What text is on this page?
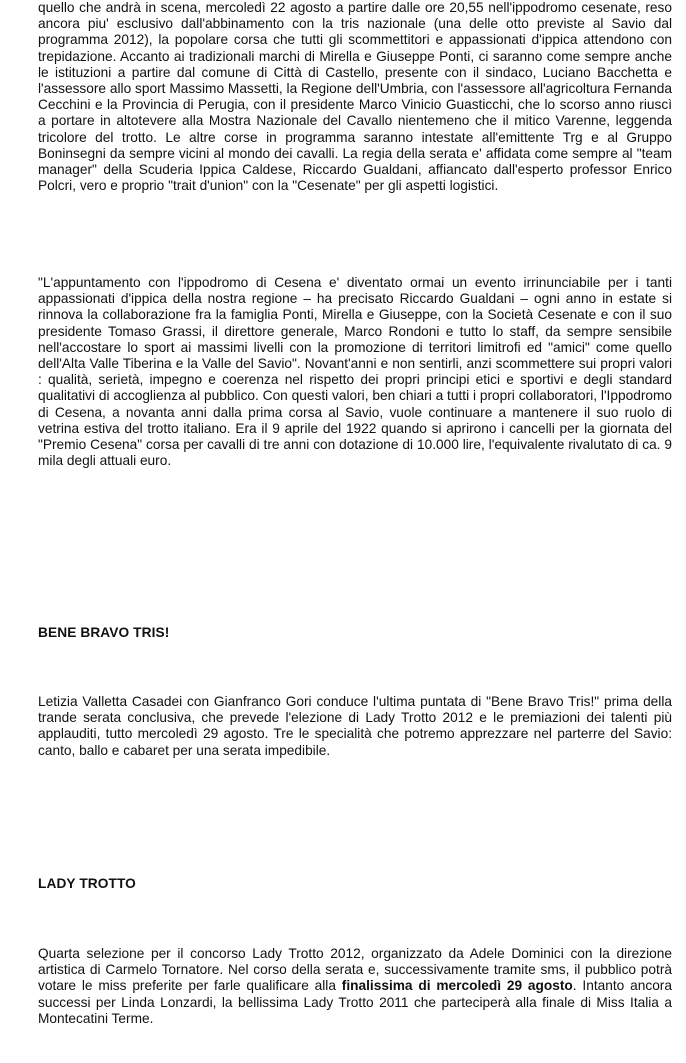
quello che andrà in scena, mercoledì 22 agosto a partire dalle ore 20,55 nell'ippodromo cesenate, reso ancora piu' esclusivo dall'abbinamento con la tris nazionale (una delle otto previste al Savio dal programma 2012), la popolare corsa che tutti gli scommettitori e appassionati d'ippica attendono con trepidazione. Accanto ai tradizionali marchi di Mirella e Giuseppe Ponti, ci saranno come sempre anche le istituzioni a partire dal comune di Città di Castello, presente con il sindaco, Luciano Bacchetta e l'assessore allo sport Massimo Massetti, la Regione dell'Umbria, con l'assessore all'agricoltura Fernanda Cecchini e la Provincia di Perugia, con il presidente Marco Vinicio Guasticchi, che lo scorso anno riuscì a portare in altotevere alla Mostra Nazionale del Cavallo nientemeno che il mitico Varenne, leggenda tricolore del trotto. Le altre corse in programma saranno intestate all'emittente Trg e al Gruppo Boninsegni da sempre vicini al mondo dei cavalli. La regia della serata e' affidata come sempre al "team manager" della Scuderia Ippica Caldese, Riccardo Gualdani, affiancato dall'esperto professor Enrico Polcri, vero e proprio "trait d'union" con la "Cesenate" per gli aspetti logistici.

"L'appuntamento con l'ippodromo di Cesena e' diventato ormai un evento irrinunciabile per i tanti appassionati d'ippica della nostra regione – ha precisato Riccardo Gualdani – ogni anno in estate si rinnova la collaborazione fra la famiglia Ponti, Mirella e Giuseppe, con la Società Cesenate e con il suo presidente Tomaso Grassi, il direttore generale, Marco Rondoni e tutto lo staff, da sempre sensibile nell'accostare lo sport ai massimi livelli con la promozione di territori limitrofi ed "amici" come quello dell'Alta Valle Tiberina e la Valle del Savio". Novant'anni e non sentirli, anzi scommettere sui propri valori : qualità, serietà, impegno e coerenza nel rispetto dei propri principi etici e sportivi e degli standard qualitativi di accoglienza al pubblico. Con questi valori, ben chiari a tutti i propri collaboratori, l'Ippodromo di Cesena, a novanta anni dalla prima corsa al Savio, vuole continuare a mantenere il suo ruolo di vetrina estiva del trotto italiano. Era il 9 aprile del 1922 quando si aprirono i cancelli per la giornata del "Premio Cesena" corsa per cavalli di tre anni con dotazione di 10.000 lire, l'equivalente rivalutato di ca. 9 mila degli attuali euro.

BENE BRAVO TRIS!

Letizia Valletta Casadei con Gianfranco Gori conduce l'ultima puntata di "Bene Bravo Tris!" prima della trande serata conclusiva, che prevede l'elezione di Lady Trotto 2012 e le premiazioni dei talenti più applauditi, tutto mercoledì 29 agosto. Tre le specialità che potremo apprezzare nel parterre del Savio: canto, ballo e cabaret per una serata impedibile.

LADY TROTTO

Quarta selezione per il concorso Lady Trotto 2012, organizzato da Adele Dominici con la direzione artistica di Carmelo Tornatore. Nel corso della serata e, successivamente tramite sms, il pubblico potrà votare le miss preferite per farle qualificare alla finalissima di mercoledì 29 agosto. Intanto ancora successi per Linda Lonzardi, la bellissima Lady Trotto 2011 che parteciperà alla finale di Miss Italia a Montecatini Terme.
